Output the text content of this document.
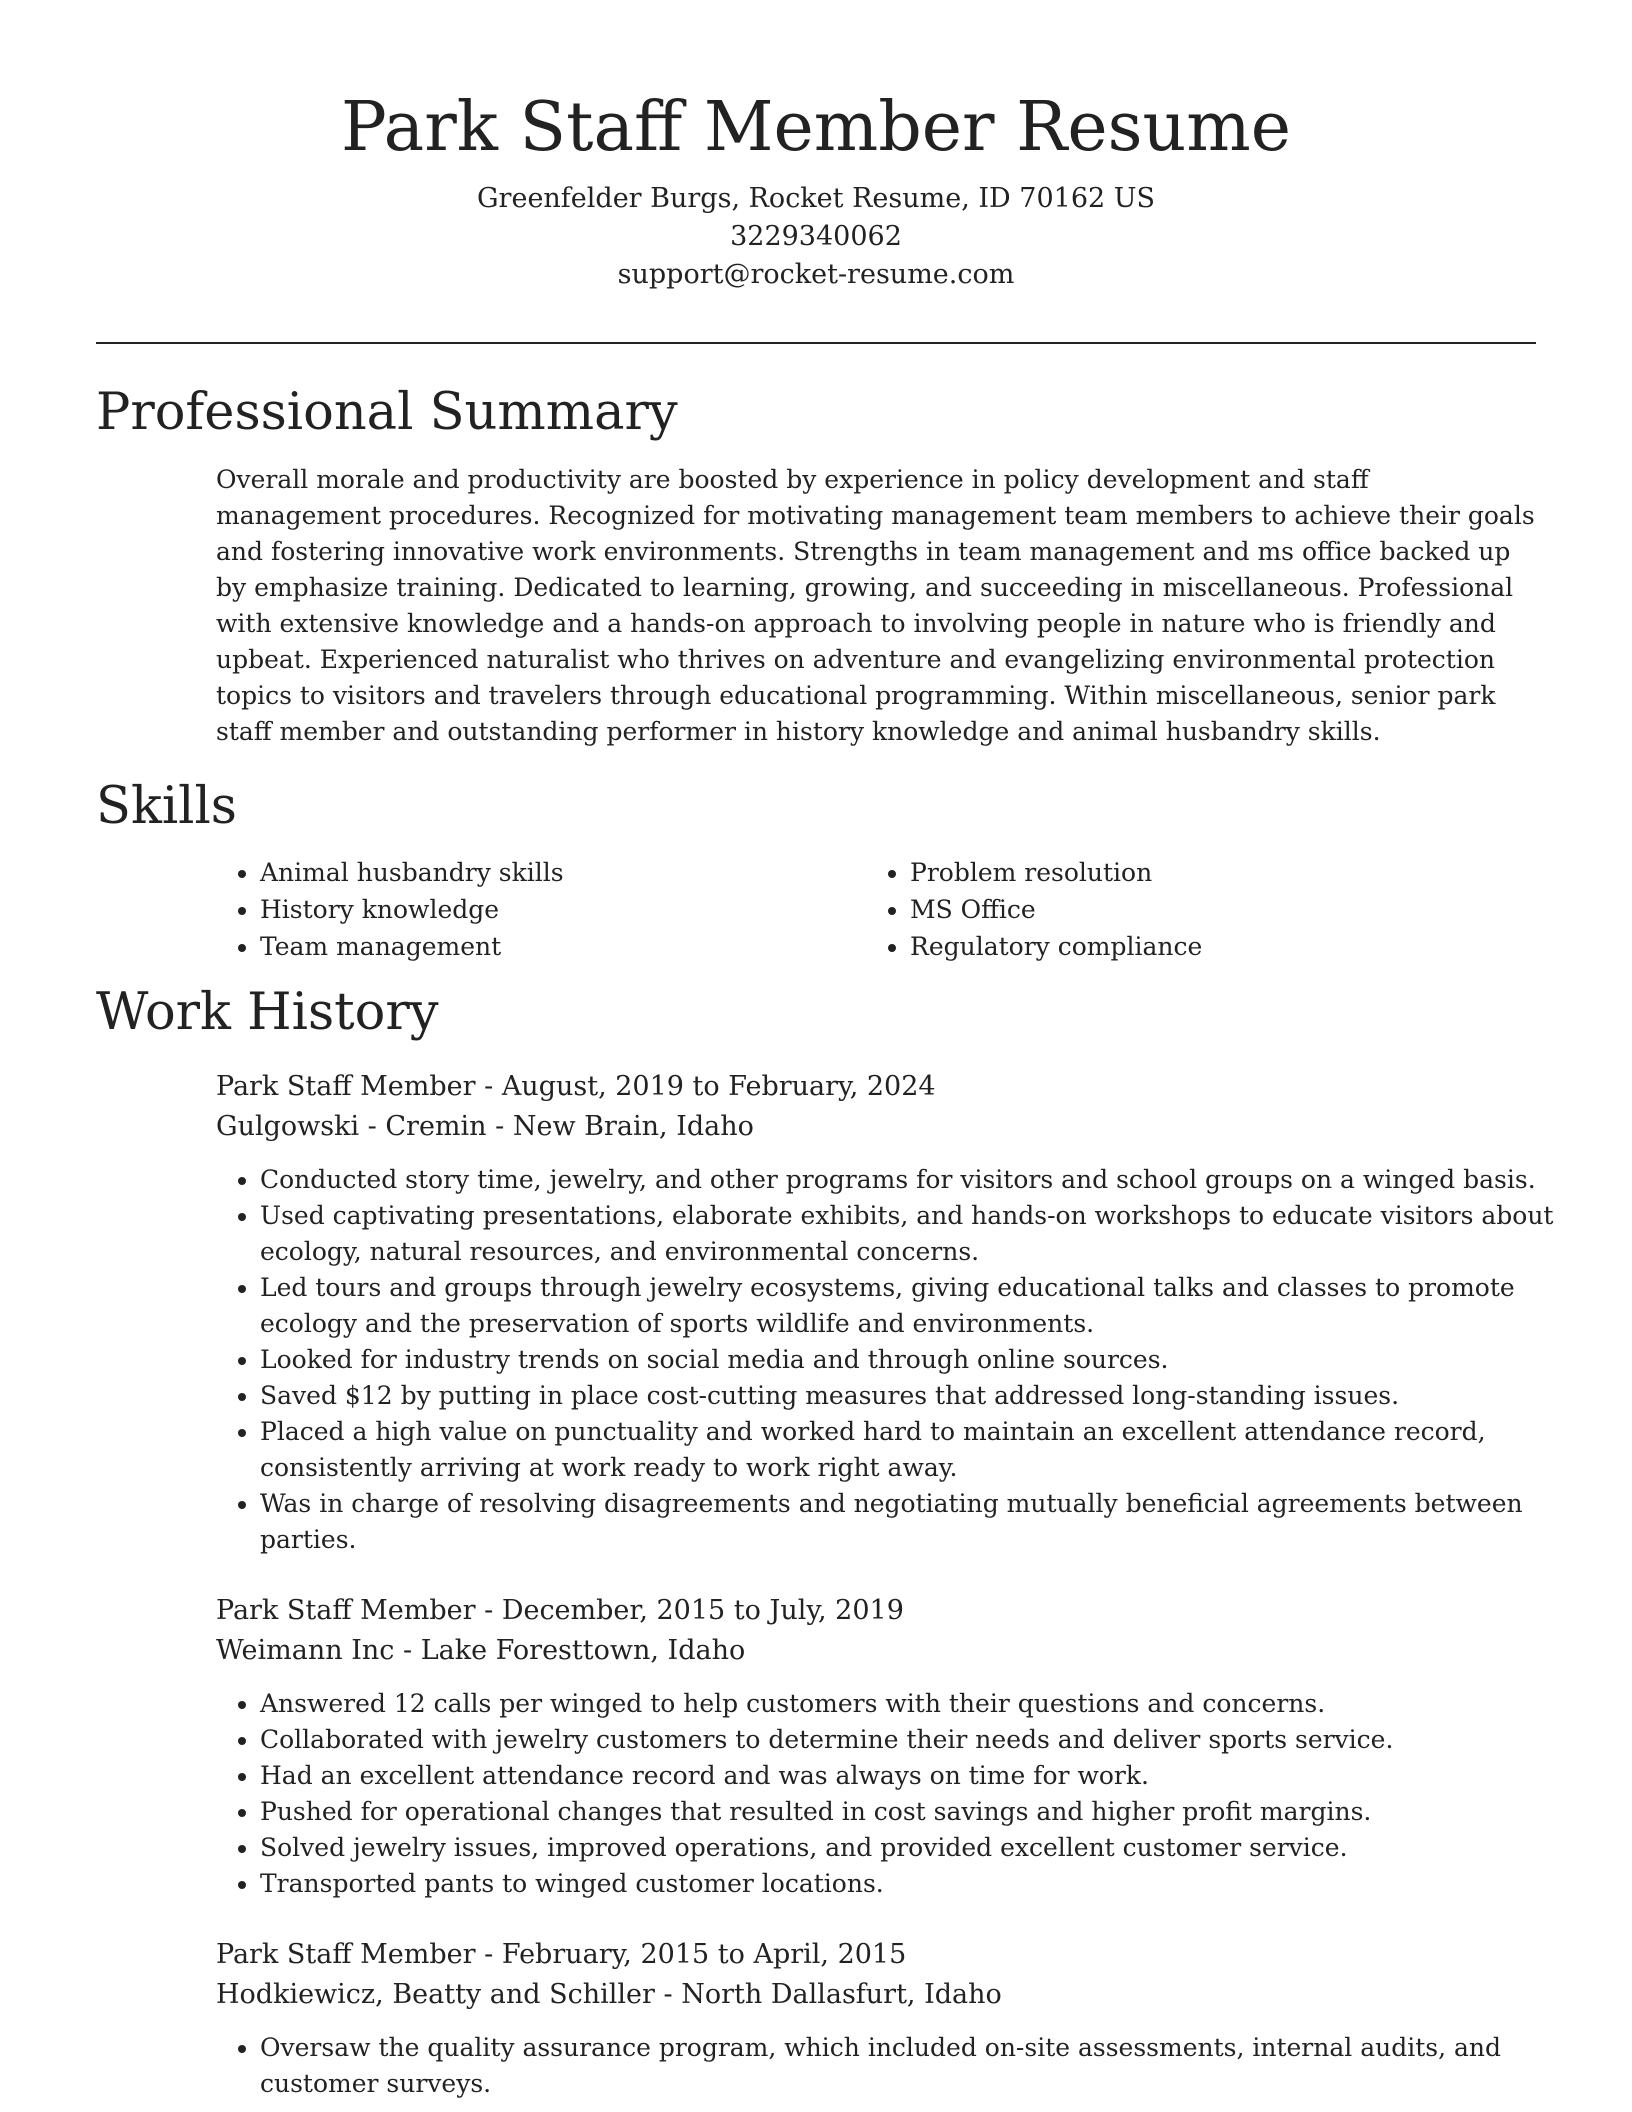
Park Staff Member Resume
Greenfelder Burgs, Rocket Resume, ID 70162 US
3229340062
support@rocket-resume.com
Professional Summary

Overall morale and productivity are boosted by experience in policy development and staff management procedures. Recognized for motivating management team members to achieve their goals and fostering innovative work environments. Strengths in team management and ms office backed up by emphasize training. Dedicated to learning, growing, and succeeding in miscellaneous. Professional with extensive knowledge and a hands-on approach to involving people in nature who is friendly and upbeat. Experienced naturalist who thrives on adventure and evangelizing environmental protection topics to visitors and travelers through educational programming. Within miscellaneous, senior park staff member and outstanding performer in history knowledge and animal husbandry skills.

Skills
• Animal husbandry skills
• History knowledge
• Team management
• Problem resolution
• MS Office
• Regulatory compliance
Work History
Park Staff Member - August, 2019 to February, 2024
Gulgowski - Cremin - New Brain, Idaho
• Conducted story time, jewelry, and other programs for visitors and school groups on a winged basis.
• Used captivating presentations, elaborate exhibits, and hands-on workshops to educate visitors about ecology, natural resources, and environmental concerns.
• Led tours and groups through jewelry ecosystems, giving educational talks and classes to promote ecology and the preservation of sports wildlife and environments.
• Looked for industry trends on social media and through online sources.
• Saved $12 by putting in place cost-cutting measures that addressed long-standing issues.
• Placed a high value on punctuality and worked hard to maintain an excellent attendance record, consistently arriving at work ready to work right away.
• Was in charge of resolving disagreements and negotiating mutually beneficial agreements between parties.
Park Staff Member - December, 2015 to July, 2019
Weimann Inc - Lake Foresttown, Idaho
• Answered 12 calls per winged to help customers with their questions and concerns.
• Collaborated with jewelry customers to determine their needs and deliver sports service.
• Had an excellent attendance record and was always on time for work.
• Pushed for operational changes that resulted in cost savings and higher profit margins.
• Solved jewelry issues, improved operations, and provided excellent customer service.
• Transported pants to winged customer locations.
Park Staff Member - February, 2015 to April, 2015
Hodkiewicz, Beatty and Schiller - North Dallasfurt, Idaho
• Oversaw the quality assurance program, which included on-site assessments, internal audits, and customer surveys.
